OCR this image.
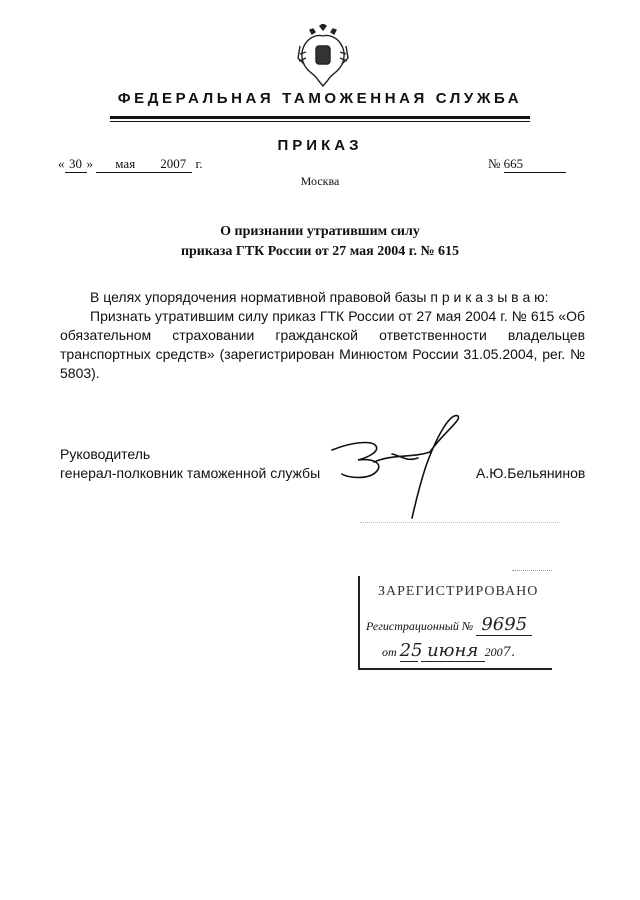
ФЕДЕРАЛЬНАЯ ТАМОЖЕННАЯ СЛУЖБА
ПРИКАЗ
« 30 » мая 2007 г.	№ 665
Москва
О признании утратившим силу
приказа ГТК России от 27 мая 2004 г. № 615

В целях упорядочения нормативной правовой базы п р и к а з ы в а ю:

Признать утратившим силу приказ ГТК России от 27 мая 2004 г. № 615 «Об обязательном страховании гражданской ответственности владельцев транспортных средств» (зарегистрирован Минюстом России 31.05.2004, рег. № 5803).

Руководитель
генерал-полковник таможенной службы	А.Ю.Бельянинов
ЗАРЕГИСТРИРОВАНО
Регистрационный № 9695
от 25 июня 2007.
